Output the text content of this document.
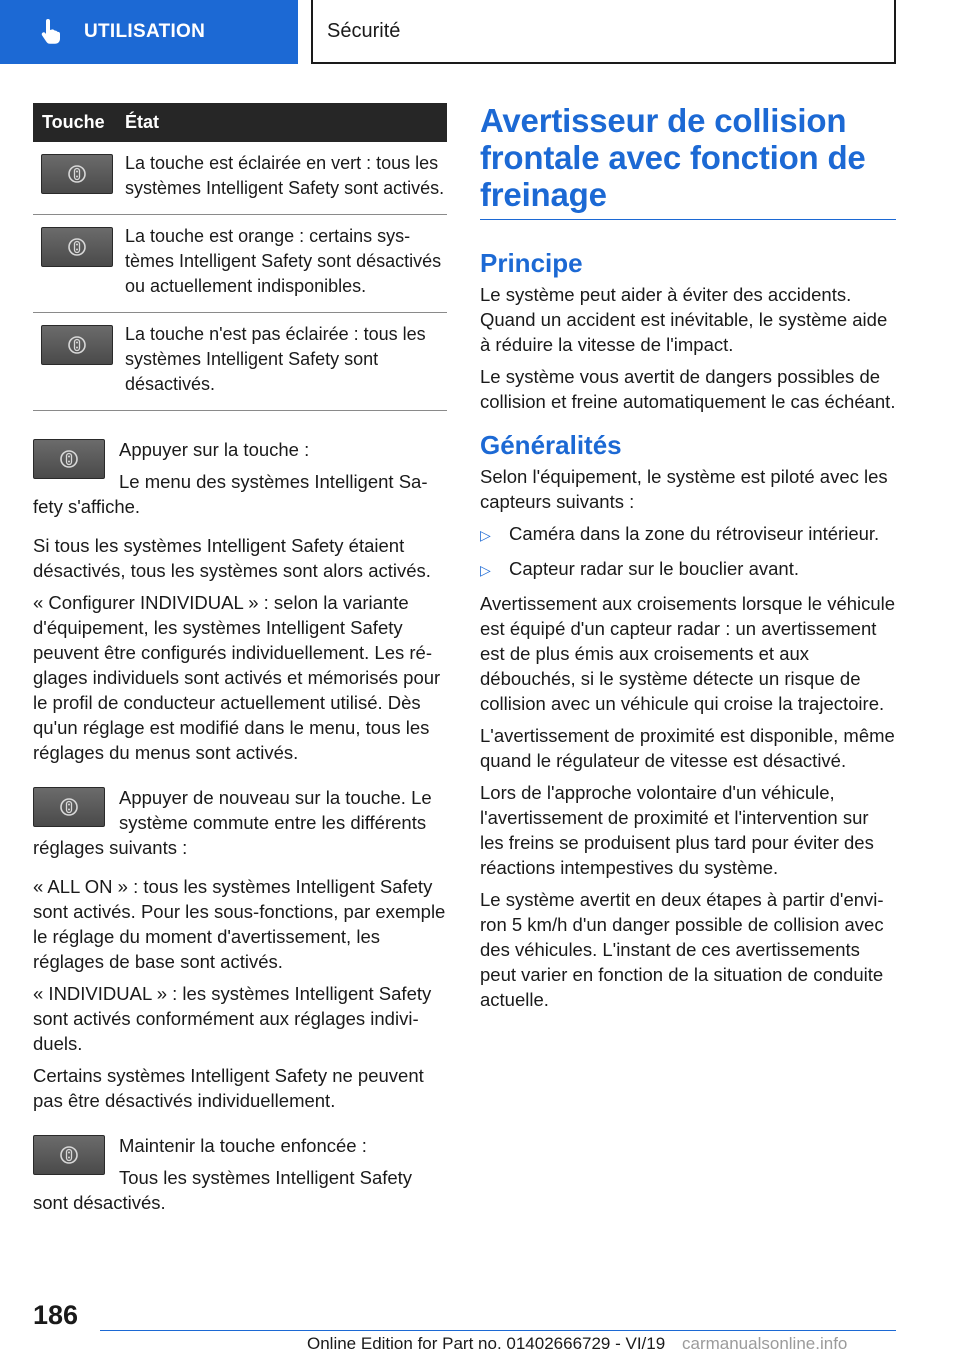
UTILISATION	Sécurité
Touche	État
La touche est éclairée en vert : tous les systèmes Intelligent Safety sont activés.
La touche est orange : certains systèmes Intelligent Safety sont désactivés ou actuellement indisponibles.
La touche n'est pas éclairée : tous les systèmes Intelligent Safety sont désactivés.

Appuyer sur la touche :

Le menu des systèmes Intelligent Safety s'affiche.

Si tous les systèmes Intelligent Safety étaient désactivés, tous les systèmes sont alors activés.

« Configurer INDIVIDUAL » : selon la variante d'équipement, les systèmes Intelligent Safety peuvent être configurés individuellement. Les réglages individuels sont activés et mémorisés pour le profil de conducteur actuellement utilisé. Dès qu'un réglage est modifié dans le menu, tous les réglages du menus sont activés.

Appuyer de nouveau sur la touche. Le système commute entre les différents réglages suivants :

« ALL ON » : tous les systèmes Intelligent Safety sont activés. Pour les sous-fonctions, par exemple le réglage du moment d'avertissement, les réglages de base sont activés.

« INDIVIDUAL » : les systèmes Intelligent Safety sont activés conformément aux réglages individuels.

Certains systèmes Intelligent Safety ne peuvent pas être désactivés individuellement.

Maintenir la touche enfoncée :

Tous les systèmes Intelligent Safety sont désactivés.

Avertisseur de collision frontale avec fonction de freinage
Principe

Le système peut aider à éviter des accidents. Quand un accident est inévitable, le système aide à réduire la vitesse de l'impact.

Le système vous avertit de dangers possibles de collision et freine automatiquement le cas échéant.

Généralités

Selon l'équipement, le système est piloté avec les capteurs suivants :

▷ Caméra dans la zone du rétroviseur intérieur.
▷ Capteur radar sur le bouclier avant.

Avertissement aux croisements lorsque le véhicule est équipé d'un capteur radar : un avertissement est de plus émis aux croisements et aux débouchés, si le système détecte un risque de collision avec un véhicule qui croise la trajectoire.

L'avertissement de proximité est disponible, même quand le régulateur de vitesse est désactivé.

Lors de l'approche volontaire d'un véhicule, l'avertissement de proximité et l'intervention sur les freins se produisent plus tard pour éviter des réactions intempestives du système.

Le système avertit en deux étapes à partir d'environ 5 km/h d'un danger possible de collision avec des véhicules. L'instant de ces avertissements peut varier en fonction de la situation de conduite actuelle.

186
Online Edition for Part no. 01402666729 - VI/19 carmanualsonline.info
